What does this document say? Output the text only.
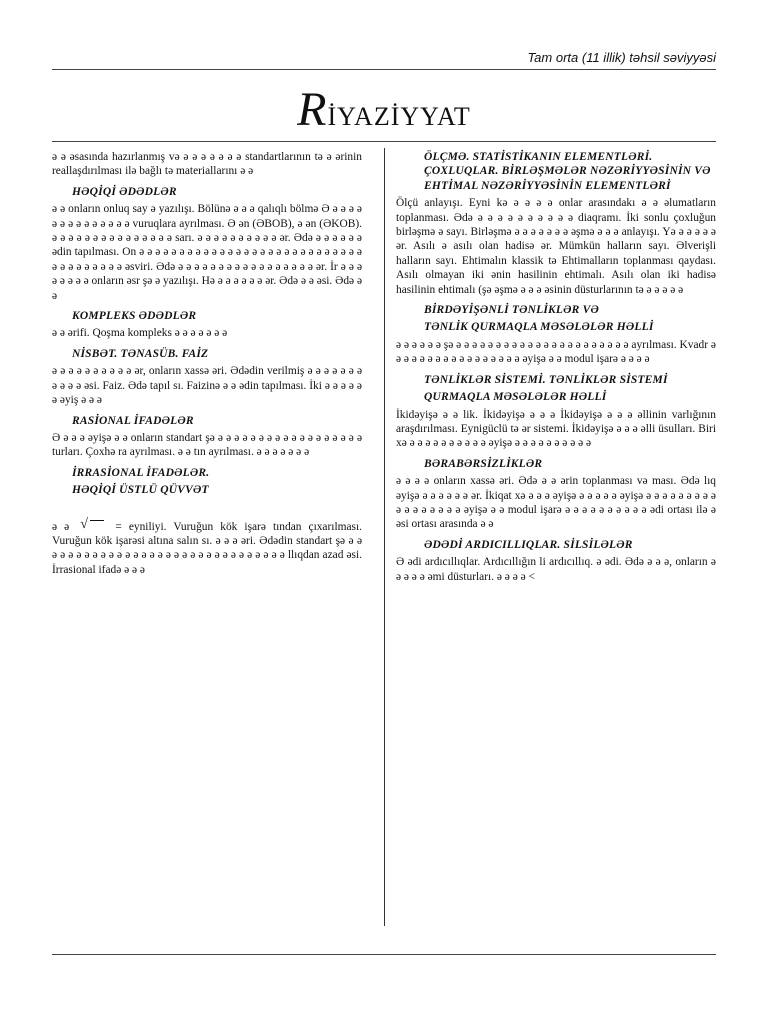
Tam orta (11 illik) təhsil səviyyəsi
RİYAZİYYAT

ə ə əsasında hazırlanmış və ə ə ə ə ə ə ə standartlarının tə ə ərinin reallaşdırılması ilə bağlı tə materiallarını ə ə

HƏQİQİ ƏDƏDLƏR

ə ə onların onluq say ə yazılışı. Bölünə ə ə ə qalıqlı bölmə Ə ə ə ə ə ə ə ə ə ə ə ə ə ə ə vuruqlara ayrılması. Ə ən (ƏBOB), ə ən (ƏKOB). ə ə ə ə ə ə ə ə ə ə ə ə ə ə ə sarı. ə ə ə ə ə ə ə ə ə ə ər. Ədə ə ə ə ə ə ə ədin tapılması. On ə ə ə ə ə ə ə ə ə ə ə ə ə ə ə ə ə ə ə ə ə ə ə ə ə ə ə ə ə ə ə ə ə ə ə ə ə əsviri. Ədə ə ə ə ə ə ə ə ə ə ə ə ə ə ə ə ə ə ər. İr ə ə ə ə ə ə ə ə onların əsr şə ə yazılışı. Hə ə ə ə ə ə ə ər. Ədə ə ə əsi. Ədə ə ə

KOMPLEKS ƏDƏDLƏR

ə ə ərifi. Qoşma kompleks ə ə ə ə ə ə ə

NİSBƏT. TƏNASÜB. FAİZ

ə ə ə ə ə ə ə ə ə ə ər, onların xassə əri. Ədədin verilmiş ə ə ə ə ə ə ə ə ə ə ə əsi. Faiz. Ədə tapıl sı. Faizinə ə ə ədin tapılması. İki ə ə ə ə ə ə əyiş ə ə ə

RASİONAL İFADƏLƏR

Ə ə ə ə əyişə ə ə onların standart şə ə ə ə ə ə ə ə ə ə ə ə ə ə ə ə ə ə ə turları. Çoxhə ra ayrılması. ə ə tın ayrılması. ə ə ə ə ə ə ə

İRRASİONAL İFADƏLƏR.
HƏQİQİ ÜSTLÜ QÜVVƏT

ə ə √	= eyniliyi. Vuruğun kök işarə tından çıxarılması. Vuruğun kök işarəsi altına salın sı. ə ə ə əri. Ədədin standart şə ə ə ə ə ə ə ə ə ə ə ə ə ə ə ə ə ə ə ə ə ə ə ə ə ə ə ə ə ə ə ə llıqdan azad əsi. İrrasional ifadə ə ə ə

ÖLÇMƏ. STATİSTİKANIN ELEMENTLƏRİ. ÇOXLUQLAR. BİRLƏŞMƏLƏR NƏZƏRİYYƏSİNİN VƏ EHTİMAL NƏZƏRİYYƏSİNİN ELEMENTLƏRİ

Ölçü anlayışı. Eyni kə ə ə ə ə onlar arasındakı ə ə əlumatların toplanması. Ədə ə ə ə ə ə ə ə ə ə ə diaqramı. İki sonlu çoxluğun birləşmə ə sayı. Birləşmə ə ə ə ə ə ə ə əşmə ə ə ə anlayışı. Yə ə ə ə ə ə ər. Asılı ə asılı olan hadisə ər. Mümkün halların sayı. Əlverişli halların sayı. Ehtimalın klassik tə Ehtimalların toplanması qaydası. Asılı olmayan iki ənin hasilinin ehtimalı. Asılı olan iki hadisə hasilinin ehtimalı (şə əşmə ə ə ə əsinin düsturlarının tə ə ə ə ə ə

BİRDƏYİŞƏNLİ TƏNLİKLƏR VƏ
TƏNLİK QURMAQLA MƏSƏLƏLƏR HƏLLİ

ə ə ə ə ə ə şə ə ə ə ə ə ə ə ə ə ə ə ə ə ə ə ə ə ə ə ə ə ə ayrılması. Kvadr ə ə ə ə ə ə ə ə ə ə ə ə ə ə ə ə ə əyişə ə ə modul işarə ə ə ə ə

TƏNLİKLƏR SİSTEMİ. TƏNLİKLƏR SİSTEMİ
QURMAQLA MƏSƏLƏLƏR HƏLLİ

İkidəyişə ə ə lik. İkidəyişə ə ə ə İkidəyişə ə ə ə əllinin varlığının araşdırılması. Eynigüclü tə ər sistemi. İkidəyişə ə ə ə əlli üsulları. Biri xə ə ə ə ə ə ə ə ə ə ə əyişə ə ə ə ə ə ə ə ə ə ə

BƏRABƏRSİZLİKLƏR

ə ə ə ə onların xassə əri. Ədə ə ə ərin toplanması və ması. Ədə lıq əyişə ə ə ə ə ə ə ər. İkiqat xə ə ə ə əyişə ə ə ə ə ə əyişə ə ə ə ə ə ə ə ə ə ə ə ə ə ə ə ə ə əyişə ə ə modul işarə ə ə ə ə ə ə ə ə ə ə ədi ortası ilə ə əsi ortası arasında ə ə

ƏDƏDİ ARDICILLIQLAR. SİLSİLƏLƏR

Ə ədi ardıcıllıqlar. Ardıcıllığın li ardıcıllıq. ə ədi. Ədə ə ə ə, onların ə ə ə ə ə əmi düsturları. ə ə ə ə <
